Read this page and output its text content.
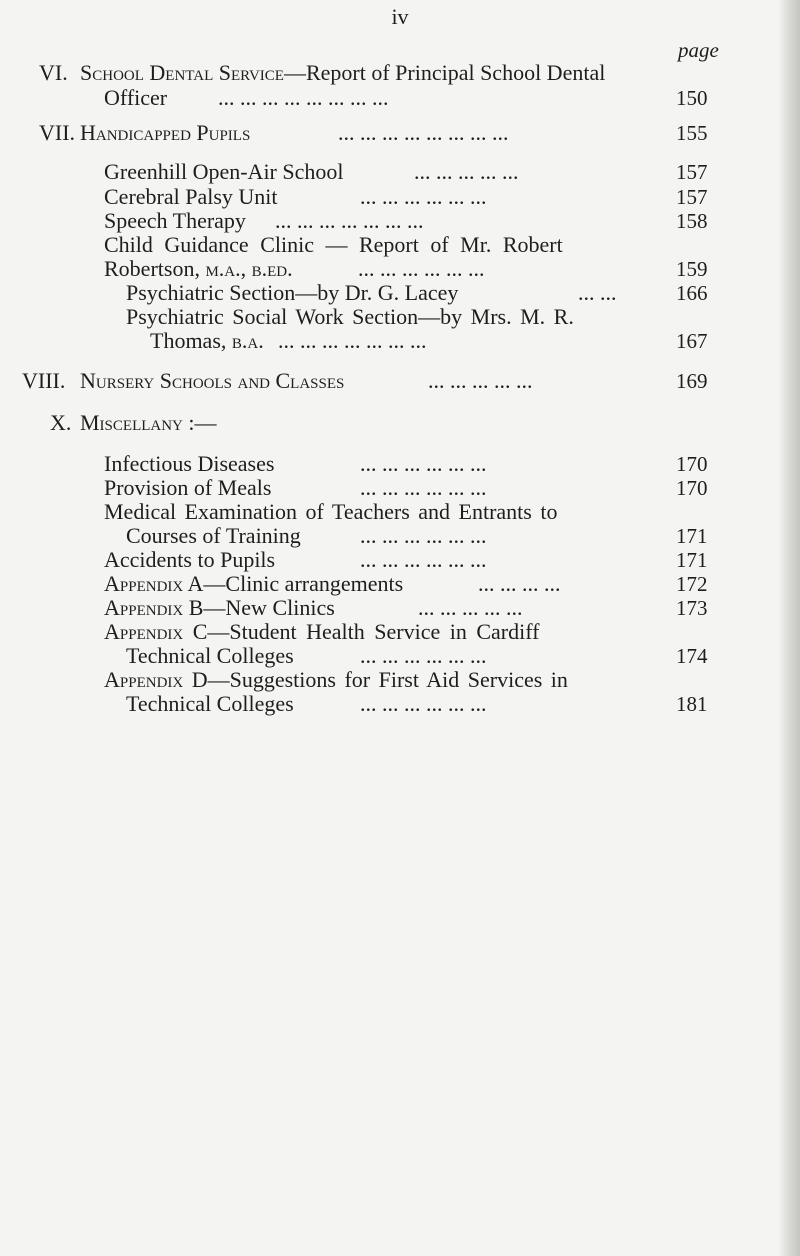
iv
page
VI. School Dental Service—Report of Principal School Dental
Officer ... ... ... ... ... ... ... ...	150
VII. Handicapped Pupils	... ... ... ... ... ... ... ...	155
Greenhill Open-Air School	... ... ... ... ...	157
Cerebral Palsy Unit	... ... ... ... ... ...	157
Speech Therapy ... ... ... ... ... ... ...	158
Child Guidance Clinic — Report of Mr. Robert
Robertson, m.a., b.ed.	... ... ... ... ... ...	159
Psychiatric Section—by Dr. G. Lacey	... ...	166
Psychiatric Social Work Section—by Mrs. M. R.
Thomas, b.a. ... ... ... ... ... ... ...	167
VIII. Nursery Schools and Classes	... ... ... ... ...	169
X. Miscellany :—
Infectious Diseases	... ... ... ... ... ...	170
Provision of Meals	... ... ... ... ... ...	170
Medical Examination of Teachers and Entrants to
Courses of Training	... ... ... ... ... ...	171
Accidents to Pupils	... ... ... ... ... ...	171
Appendix A—Clinic arrangements	... ... ... ...	172
Appendix B—New Clinics	... ... ... ... ...	173
Appendix C—Student Health Service in Cardiff
Technical Colleges	... ... ... ... ... ...	174
Appendix D—Suggestions for First Aid Services in
Technical Colleges	... ... ... ... ... ...	181
